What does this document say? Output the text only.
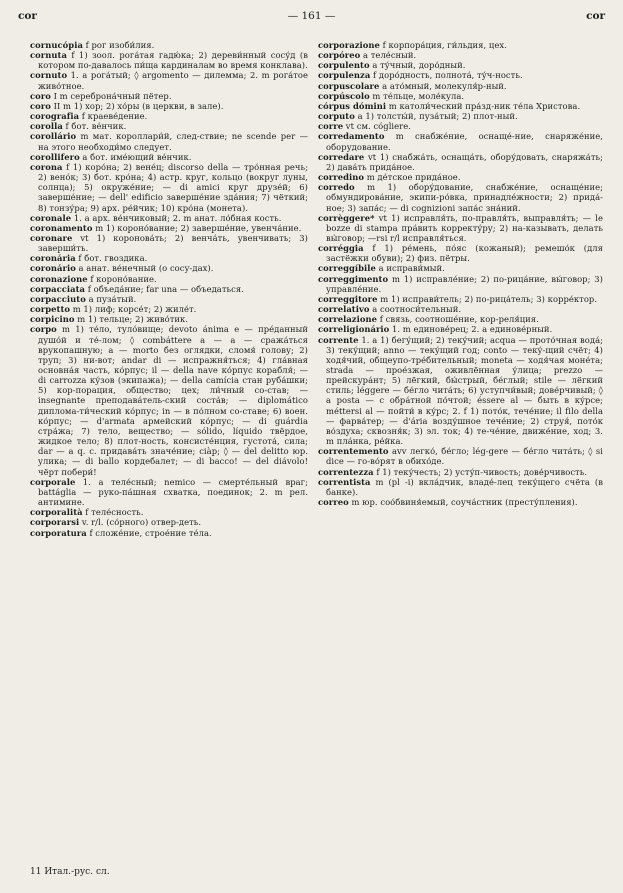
cor	— 161 —	cor

cornucópia f рог изоби́лия.

cornuta f 1) зоол. рога́тая гадю́ка; 2) дереви́нный сосу́д (в котором по-давалось пи́ща кардиналам во время конклава).

cornuto 1. a рога́тый; ◊ argomento — дилемма; 2. m рога́тое живо́тное.

coro I m сереброна́чный пётер.

coro II m 1) хор; 2) хо́ры (в церкви, в зале).

corografia f краеве́дение.

corolla f бот. ве́нчик.

corollário m мат. короллари́й, след-ствие; ne scende per — на этого необходи́мо следует.

corollifero a бот. име́ющий ве́нчик.

corona f 1) коро́на; 2) вене́ц; discorso della — тро́нная речь; 2) вено́к; 3) бот. кро́на; 4) астр. круг, кольцо (вокруг луны, солнца); 5) окруже́ние; — di amici круг друзе́й; 6) заверше́ние; — dell' edificio заверше́ние зда́ния; 7) чёткий; 8) тонзу́ра; 9) арх. ре́йчик; 10) кро́на (монета).

coronale 1. a арх. ве́нчиковый; 2. m анат. ло́бная кость.

coronamento m 1) короно́вание; 2) заверше́ние, увенча́ние.

coronare vt 1) коронова́ть; 2) венча́ть, увенчивать; 3) заверши́ть.

coronária f бот. гвоздика.

coronário a анат. ве́нечный (о сосу-дах).

coronazione f короно́вание.

corpacciata f объеда́ние; far una — объедаться.

corpacciuto a пуза́тый.

corpetto m 1) лиф; корсе́т; 2) жиле́т.

corpicino m 1) тельце; 2) живо́тик.

corpo m 1) те́ло, туло́вище; devoto ánima e — пре́данный душо́й и те́-лом; ◊ combáttere a — a — сража́ться врукопашную; a — morto без оглядки, сломя́ голову; 2) труп; 3) ни-вот; andar di — испражня́ться; 4) гла́вная основна́я часть, ко́рпус; il — della nave ко́рпус корабля́; — di carrozza ку́зов (экипажа); — della camícia стан руба́шки; 5) кор-порация, общество; цех; ли́чный со-став; — insegnante преподава́тель-ский соста́в; — diplomático диплома-ти́ческий ко́рпус; in — в по́лном со-ставе; 6) воен. ко́рпус; — d'armata армейский ко́рпус; — di guárdia стра́жа; 7) тело, вещество; — sólido, líquido твёрдое, жидкое тело; 8) плот-ность, консисте́нция, густота́, сила; dar — a q. c. придава́ть значе́ние; ciàp; ◊ — del delitto юр. улика; — di ballo кордебалет; — di bacco! — del diávolo! чёрт побери́!

corporale 1. a теле́сный; nemico — смерте́льный враг; battáglia — руко-па́шная схватка, поединок; 2. m рел. антимине.

corporalità f теле́сность.

corporarsi v. r/l. (со́рного) отвер-деть.

corporatura f сложе́ние, строе́ние те́ла.

corporazione f корпора́ция, ги́льдия, цех.

corpóreo a теле́сный.

corpulento a ту́чный, доро́дный.

corpulenza f доро́дность, полнота́, ту́ч-ность.

corpuscolare a ато́мный, молекуля́р-ный.

corpúscolo m те́льце, моле́кула.

córpus dómini m католи́ческий пра́зд-ник те́ла Христова.

corputo a 1) толсты́й, пуза́тый; 2) плот-ный.

corre vt см. cógliere.

corredamento m снабже́ние, оснаще́-ние, снаряже́ние, оборудование.

corredare vt 1) снабжа́ть, оснаща́ть, обору́довать, снаряжа́ть; 2) дава́ть прида́ное.

corredino m де́тское прида́ное.

corredo m 1) обору́дование, снабже́ние, оснаще́ние; обмундирова́ние, экипи-ро́вка, принадле́жности; 2) прида́-ное; 3) запа́с; — di cognizioni запа́с зна́ний.

corrèggere* vt 1) исправля́ть, по-правля́ть, выправля́ть; — le bozze di stampa пра́вить корректу́ру; 2) на-казывать, делать вы́говор; —rsi r/l исправля́ться.

corréggia f 1) ре́мень, по́яс (кожаный); ремешо́к (для застёжки обуви); 2) физ. пётры.

correggíbile a исправи́мый.

correggimento m 1) исправле́ние; 2) по-рица́ние, вы́говор; 3) управле́ние.

correggitore m 1) исправи́тель; 2) по-рица́тель; 3) корре́ктор.

correlativo a соотноси́тельный.

correlazione f связь, соотноше́ние, кор-реля́ция.

correligionário 1. m единове́рец; 2. a единове́рный.

corrente 1. a 1) бегу́щий; 2) теку́чий; acqua — прото́чная вода́; 3) теку́щий; anno — теку́щий год; conto — теку́-щий счёт; 4) ходя́чий, общеупо-тре́бительный; moneta — ходя́чая моне́та; strada — прое́зжая, оживлённая у́лица; prezzo — прейскура́нт; 5) лёгкий, бы́стрый, бе́глый; stile — лёгкий стиль; léggere — бе́гло чита́ть; 6) уступчи́вый; дове́рчивый; ◊ a posta — с обра́тной по́чтой; éssere al — быть в ку́рсе; méttersi al — пойти́ в ку́рс; 2. f 1) пото́к, тече́ние; il filo della — фарва́тер; — d'ária возду́шное тече́ние; 2) струя́, пото́к во́здуха; сквозня́к; 3) эл. ток; 4) те-че́ние, движе́ние, ход; 3. m пла́нка, ре́йка.

correntemento avv легко́, бе́гло; lég-gere — бе́гло чита́ть; ◊ si dice — го-во́рят в обихо́де.

correntezza f 1) теку́честь; 2) усту́п-чивость; дове́рчивость.

correntista m (pl -i) вкла́дчик, владе́-лец теку́щего счёта (в банке).

correo m юр. соо́бвиня́емый, соуча́стник (престу́пления).

11 Итал.-рус. сл.
